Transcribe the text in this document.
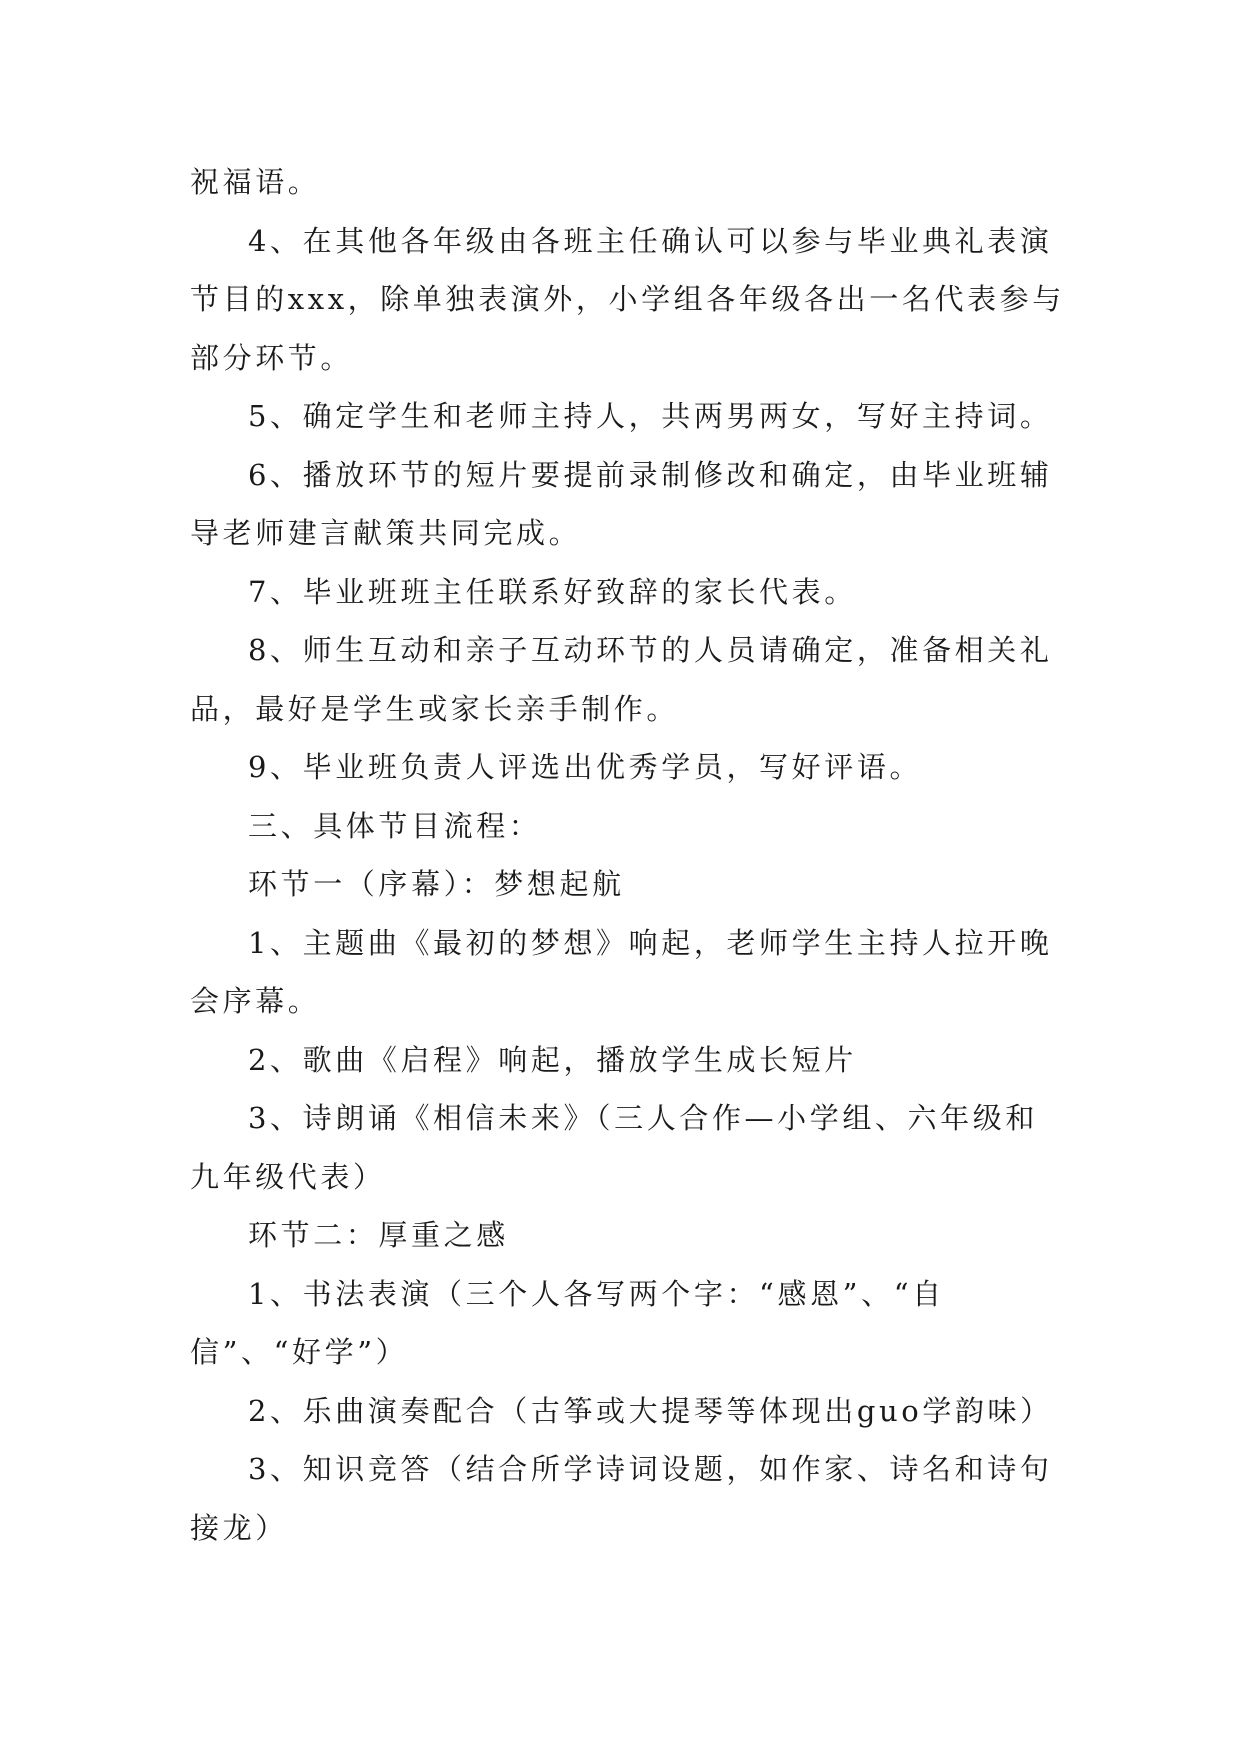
祝福语。

4、在其他各年级由各班主任确认可以参与毕业典礼表演节目的xxx，除单独表演外，小学组各年级各出一名代表参与部分环节。

5、确定学生和老师主持人，共两男两女，写好主持词。

6、播放环节的短片要提前录制修改和确定，由毕业班辅导老师建言献策共同完成。

7、毕业班班主任联系好致辞的家长代表。

8、师生互动和亲子互动环节的人员请确定，准备相关礼品，最好是学生或家长亲手制作。

9、毕业班负责人评选出优秀学员，写好评语。

三、具体节目流程：

环节一（序幕）：梦想起航

1、主题曲《最初的梦想》响起，老师学生主持人拉开晚会序幕。

2、歌曲《启程》响起，播放学生成长短片

3、诗朗诵《相信未来》（三人合作—小学组、六年级和九年级代表）

环节二：厚重之感

1、书法表演（三个人各写两个字：“感恩”、“自信”、“好学”）

2、乐曲演奏配合（古筝或大提琴等体现出guo学韵味）

3、知识竞答（结合所学诗词设题，如作家、诗名和诗句接龙）
